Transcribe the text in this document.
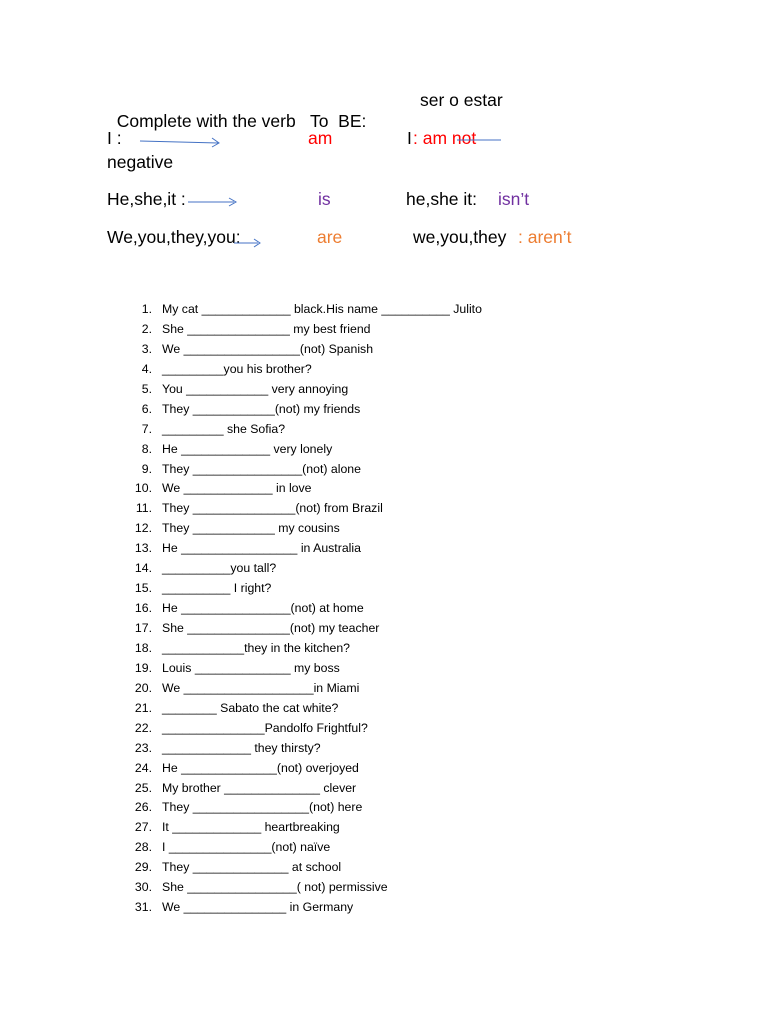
Complete with the verb   To  BE:

ser o estar
I :	am	I : am not
negative
He,she,it :	is	he,she it: isn’t
We,you,they,you:	are	we,you,they : aren’t
1. My cat _____________ black.His name __________ Julito
2. She _______________ my best friend
3. We _________________(not) Spanish
4. _________you his brother?
5. You ____________ very annoying
6. They ____________(not) my friends
7. _________ she Sofia?
8. He _____________ very lonely
9. They ________________(not) alone
10. We _____________ in love
11. They _______________(not) from Brazil
12. They ____________ my cousins
13. He _________________ in Australia
14. __________you tall?
15. __________ I right?
16. He ________________(not) at home
17. She _______________(not) my teacher
18. ____________they in the kitchen?
19. Louis ______________ my boss
20. We ___________________in Miami
21. ________ Sabato the cat white?
22. _______________Pandolfo Frightful?
23. _____________ they thirsty?
24. He ______________(not) overjoyed
25. My brother ______________ clever
26. They _________________(not) here
27. It _____________ heartbreaking
28. I _______________(not) naïve
29. They ______________ at school
30. She ________________( not) permissive
31. We _______________ in Germany
